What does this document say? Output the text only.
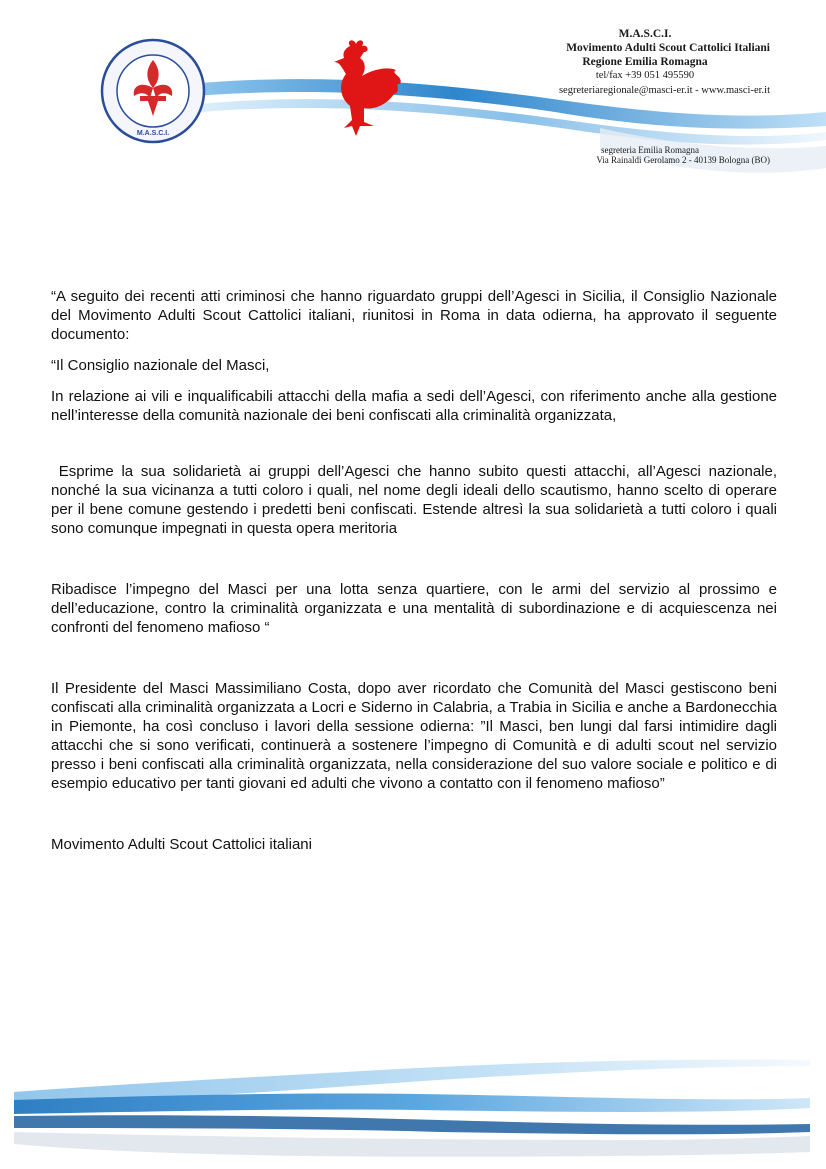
M.A.S.C.I.
M.A.S.C.I.
Movimento Adulti Scout Cattolici Italiani
Regione Emilia Romagna
tel/fax +39 051 495590
segreteriaregionale@masci-er.it - www.masci-er.it
segreteria Emilia Romagna
Via Rainaldi Gerolamo 2 - 40139 Bologna (BO)

“A seguito dei recenti atti criminosi che hanno riguardato gruppi dell’Agesci in Sicilia, il Consiglio Nazionale del Movimento Adulti Scout Cattolici italiani, riunitosi in Roma in data odierna, ha approvato il seguente documento:

“Il Consiglio nazionale del Masci,

In relazione ai vili e inqualificabili attacchi della mafia a sedi dell’Agesci, con riferimento anche alla gestione nell’interesse della comunità nazionale dei beni confiscati alla criminalità organizzata,

Esprime la sua solidarietà ai gruppi dell’Agesci che hanno subito questi attacchi, all’Agesci nazionale, nonché la sua vicinanza a tutti coloro i quali, nel nome degli ideali dello scautismo, hanno scelto di operare per il bene comune gestendo i predetti beni confiscati. Estende altresì la sua solidarietà a tutti coloro i quali sono comunque impegnati in questa opera meritoria

Ribadisce l’impegno del Masci per una lotta senza quartiere, con le armi del servizio al prossimo e dell’educazione, contro la criminalità organizzata e una mentalità di subordinazione e di acquiescenza nei confronti del fenomeno mafioso “

Il Presidente del Masci Massimiliano Costa, dopo aver ricordato che Comunità del Masci gestiscono beni confiscati alla criminalità organizzata a Locri e Siderno in Calabria, a Trabia in Sicilia e anche a Bardonecchia in Piemonte, ha così concluso i lavori della sessione odierna: ”Il Masci, ben lungi dal farsi intimidire dagli attacchi che si sono verificati, continuerà a sostenere l’impegno di Comunità e di adulti scout nel servizio presso i beni confiscati alla criminalità organizzata, nella considerazione del suo valore sociale e politico e di esempio educativo per tanti giovani ed adulti che vivono a contatto con il fenomeno mafioso”

Movimento Adulti Scout Cattolici italiani
